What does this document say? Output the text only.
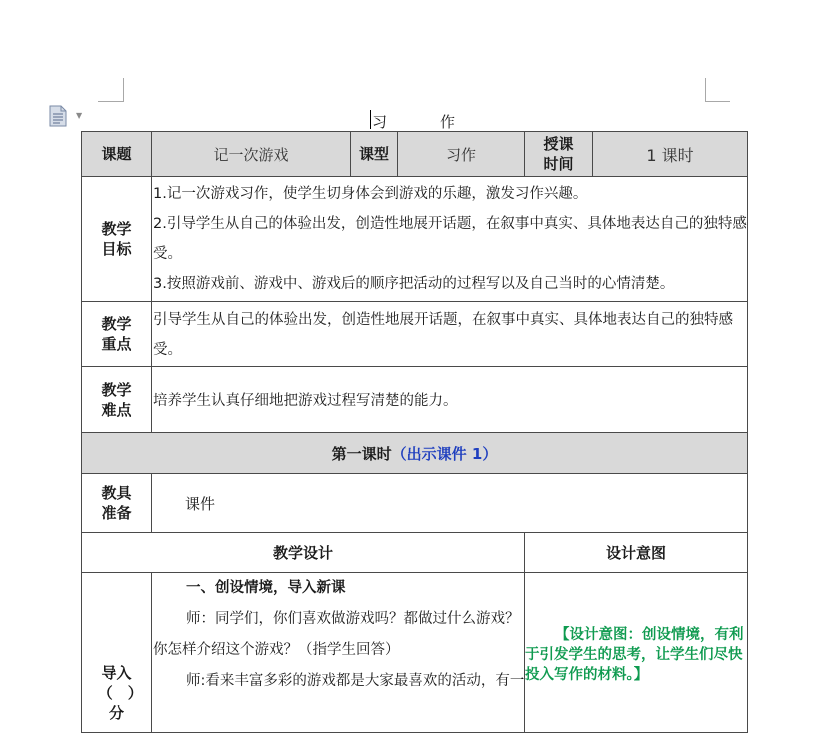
▼	习	作
课题	记一次游戏	课型	习作	授课时间	1 课时

教学目标	1.记一次游戏习作，使学生切身体会到游戏的乐趣，激发习作兴趣。
2.引导学生从自己的体验出发，创造性地展开话题，在叙事中真实、具体地表达自己的独特感受。
3.按照游戏前、游戏中、游戏后的顺序把活动的过程写以及自己当时的心情清楚。				

教学重点	引导学生从自己的体验出发，创造性地展开话题，在叙事中真实、具体地表达自己的独特感受。				

教学难点	培养学生认真仔细地把游戏过程写清楚的能力。				

第一课时（出示课件 1）					

教具准备	课件				

教学设计				设计意图	

导入（　）分	一、创设情境，导入新课
师：同学们，你们喜欢做游戏吗？都做过什么游戏？你怎样介绍这个游戏？（指学生回答）
师:看来丰富多彩的游戏都是大家最喜欢的活动，有一			【设计意图：创设情境，有利于引发学生的思考，让学生们尽快投入写作的材料。】	
